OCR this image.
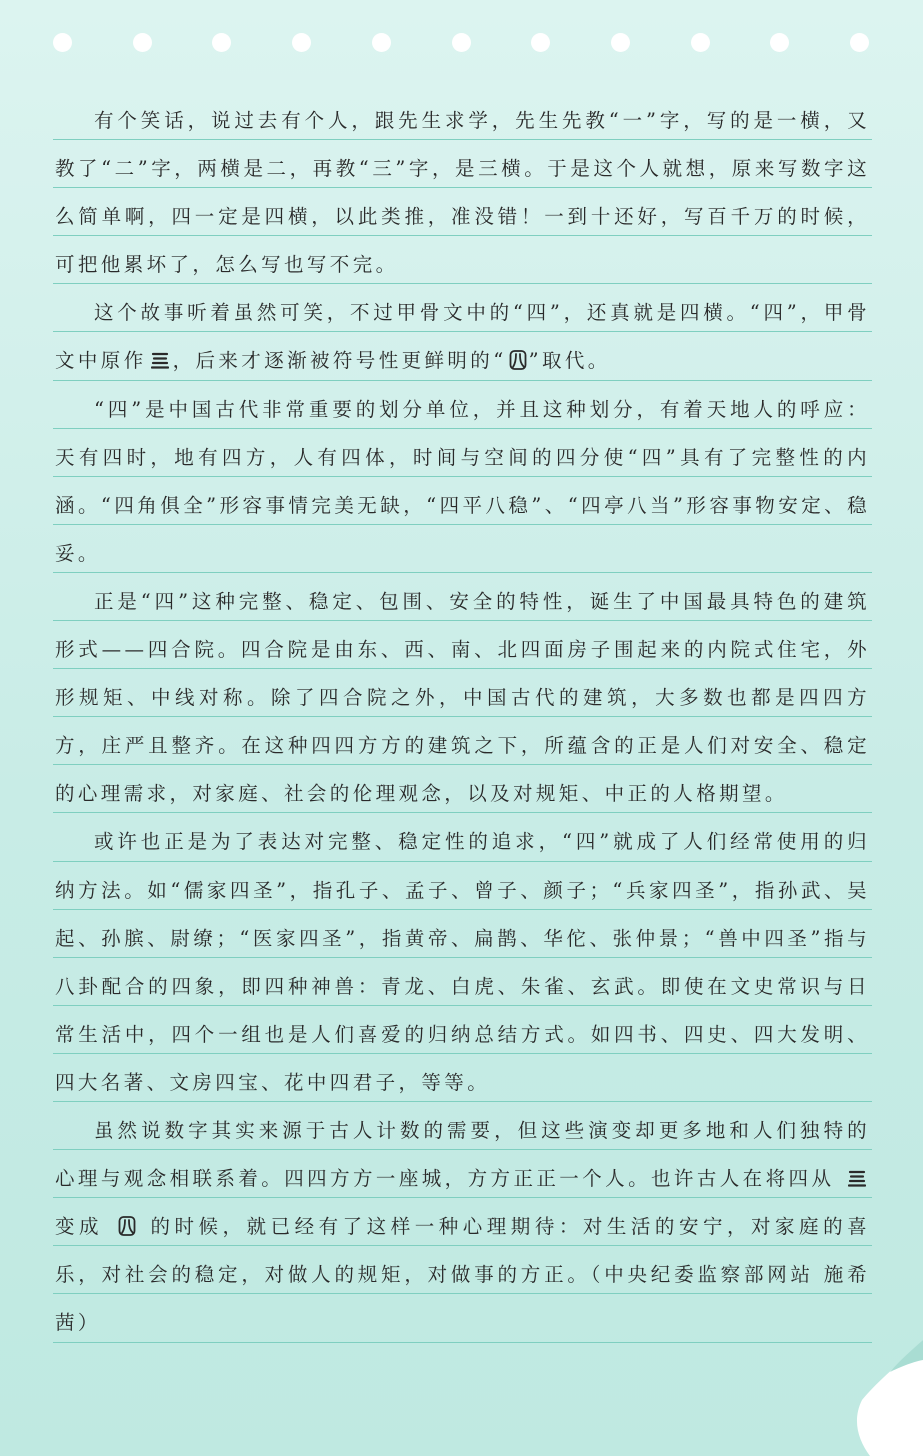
有个笑话，说过去有个人，跟先生求学，先生先教“一”字，写的是一横，又教了“二”字，两横是二，再教“三”字，是三横。于是这个人就想，原来写数字这么简单啊，四一定是四横，以此类推，准没错！一到十还好，写百千万的时候，可把他累坏了，怎么写也写不完。

这个故事听着虽然可笑，不过甲骨文中的“四”，还真就是四横。“四”，甲骨文中原作 ，后来才逐渐被符号性更鲜明的“ ”取代。

“四”是中国古代非常重要的划分单位，并且这种划分，有着天地人的呼应：天有四时，地有四方，人有四体，时间与空间的四分使“四”具有了完整性的内涵。“四角俱全”形容事情完美无缺，“四平八稳”、“四亭八当”形容事物安定、稳妥。

正是“四”这种完整、稳定、包围、安全的特性，诞生了中国最具特色的建筑形式——四合院。四合院是由东、西、南、北四面房子围起来的内院式住宅，外形规矩、中线对称。除了四合院之外，中国古代的建筑，大多数也都是四四方方，庄严且整齐。在这种四四方方的建筑之下，所蕴含的正是人们对安全、稳定的心理需求，对家庭、社会的伦理观念，以及对规矩、中正的人格期望。

或许也正是为了表达对完整、稳定性的追求，“四”就成了人们经常使用的归纳方法。如“儒家四圣”，指孔子、孟子、曾子、颜子；“兵家四圣”，指孙武、吴起、孙膑、尉缭；“医家四圣”，指黄帝、扁鹊、华佗、张仲景；“兽中四圣”指与八卦配合的四象，即四种神兽：青龙、白虎、朱雀、玄武。即使在文史常识与日常生活中，四个一组也是人们喜爱的归纳总结方式。如四书、四史、四大发明、四大名著、文房四宝、花中四君子，等等。

虽然说数字其实来源于古人计数的需要，但这些演变却更多地和人们独特的心理与观念相联系着。四四方方一座城，方方正正一个人。也许古人在将四从  变成  的时候，就已经有了这样一种心理期待：对生活的安宁，对家庭的喜乐，对社会的稳定，对做人的规矩，对做事的方正。（中央纪委监察部网站 施希茜）
